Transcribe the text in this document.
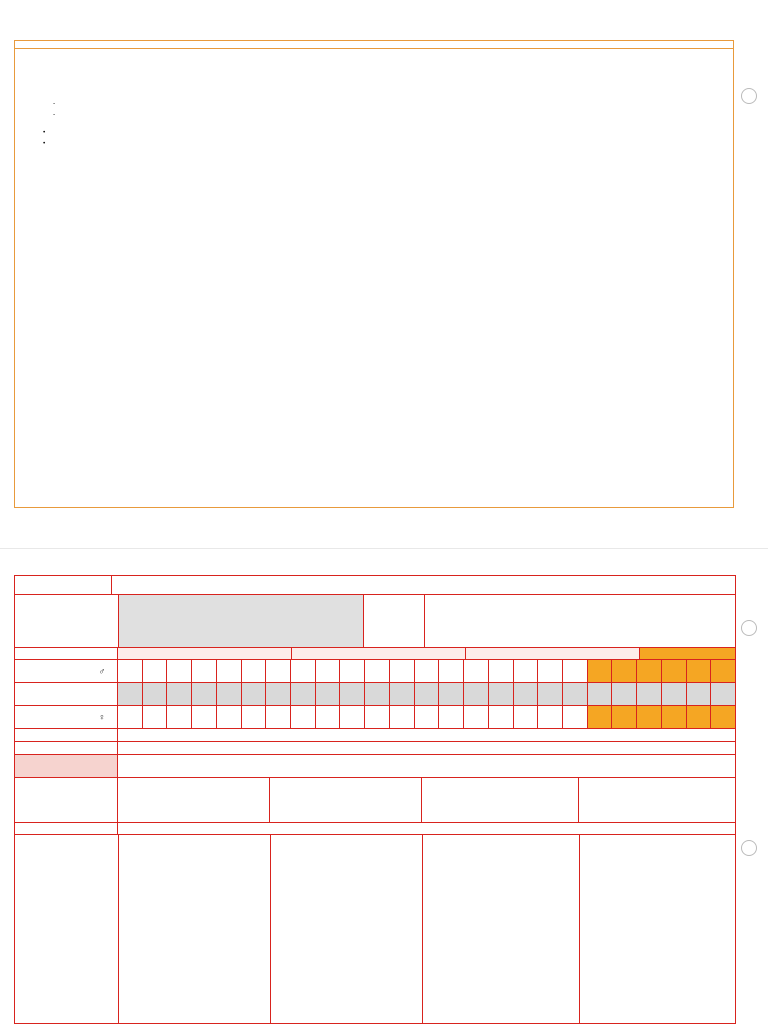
-

-

•

•

♂
♀
